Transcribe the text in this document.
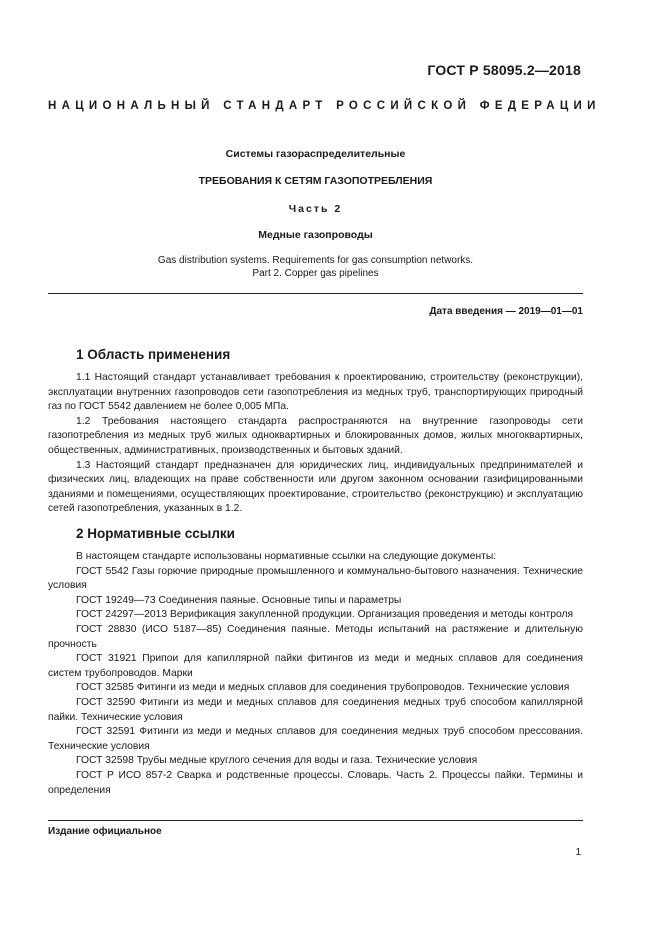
ГОСТ Р 58095.2—2018
НАЦИОНАЛЬНЫЙ СТАНДАРТ РОССИЙСКОЙ ФЕДЕРАЦИИ
Системы газораспределительные
ТРЕБОВАНИЯ К СЕТЯМ ГАЗОПОТРЕБЛЕНИЯ
Часть 2
Медные газопроводы
Gas distribution systems. Requirements for gas consumption networks.
Part 2. Copper gas pipelines
Дата введения — 2019—01—01
1 Область применения

1.1 Настоящий стандарт устанавливает требования к проектированию, строительству (реконструкции), эксплуатации внутренних газопроводов сети газопотребления из медных труб, транспортирующих природный газ по ГОСТ 5542 давлением не более 0,005 МПа.

1.2 Требования настоящего стандарта распространяются на внутренние газопроводы сети газопотребления из медных труб жилых одноквартирных и блокированных домов, жилых многоквартирных, общественных, административных, производственных и бытовых зданий.

1.3 Настоящий стандарт предназначен для юридических лиц, индивидуальных предпринимателей и физических лиц, владеющих на праве собственности или другом законном основании газифицированными зданиями и помещениями, осуществляющих проектирование, строительство (реконструкцию) и эксплуатацию сетей газопотребления, указанных в 1.2.

2 Нормативные ссылки

В настоящем стандарте использованы нормативные ссылки на следующие документы:

ГОСТ 5542 Газы горючие природные промышленного и коммунально-бытового назначения. Технические условия

ГОСТ 19249—73 Соединения паяные. Основные типы и параметры

ГОСТ 24297—2013 Верификация закупленной продукции. Организация проведения и методы контроля

ГОСТ 28830 (ИСО 5187—85) Соединения паяные. Методы испытаний на растяжение и длительную прочность

ГОСТ 31921 Припои для капиллярной пайки фитингов из меди и медных сплавов для соединения систем трубопроводов. Марки

ГОСТ 32585 Фитинги из меди и медных сплавов для соединения трубопроводов. Технические условия

ГОСТ 32590 Фитинги из меди и медных сплавов для соединения медных труб способом капиллярной пайки. Технические условия

ГОСТ 32591 Фитинги из меди и медных сплавов для соединения медных труб способом прессования. Технические условия

ГОСТ 32598 Трубы медные круглого сечения для воды и газа. Технические условия

ГОСТ Р ИСО 857-2 Сварка и родственные процессы. Словарь. Часть 2. Процессы пайки. Термины и определения

Издание официальное
1
